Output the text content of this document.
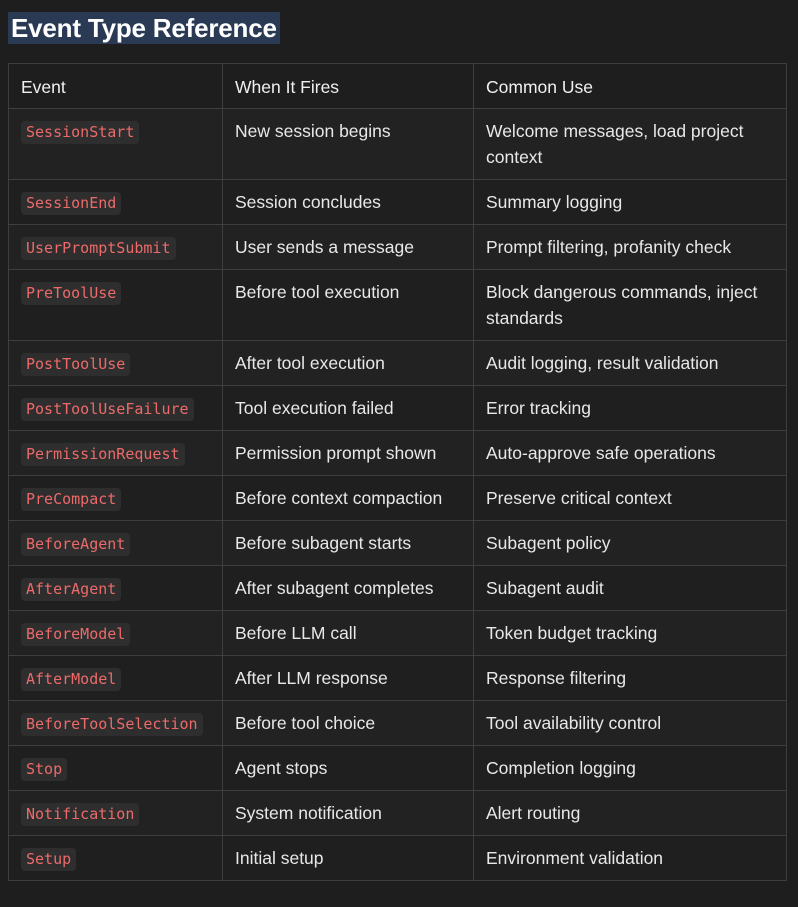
Event Type Reference
Event	When It Fires	Common Use
SessionStart	New session begins	Welcome messages, load project context
SessionEnd	Session concludes	Summary logging
UserPromptSubmit	User sends a message	Prompt filtering, profanity check
PreToolUse	Before tool execution	Block dangerous commands, inject standards
PostToolUse	After tool execution	Audit logging, result validation
PostToolUseFailure	Tool execution failed	Error tracking
PermissionRequest	Permission prompt shown	Auto-approve safe operations
PreCompact	Before context compaction	Preserve critical context
BeforeAgent	Before subagent starts	Subagent policy
AfterAgent	After subagent completes	Subagent audit
BeforeModel	Before LLM call	Token budget tracking
AfterModel	After LLM response	Response filtering
BeforeToolSelection	Before tool choice	Tool availability control
Stop	Agent stops	Completion logging
Notification	System notification	Alert routing
Setup	Initial setup	Environment validation
